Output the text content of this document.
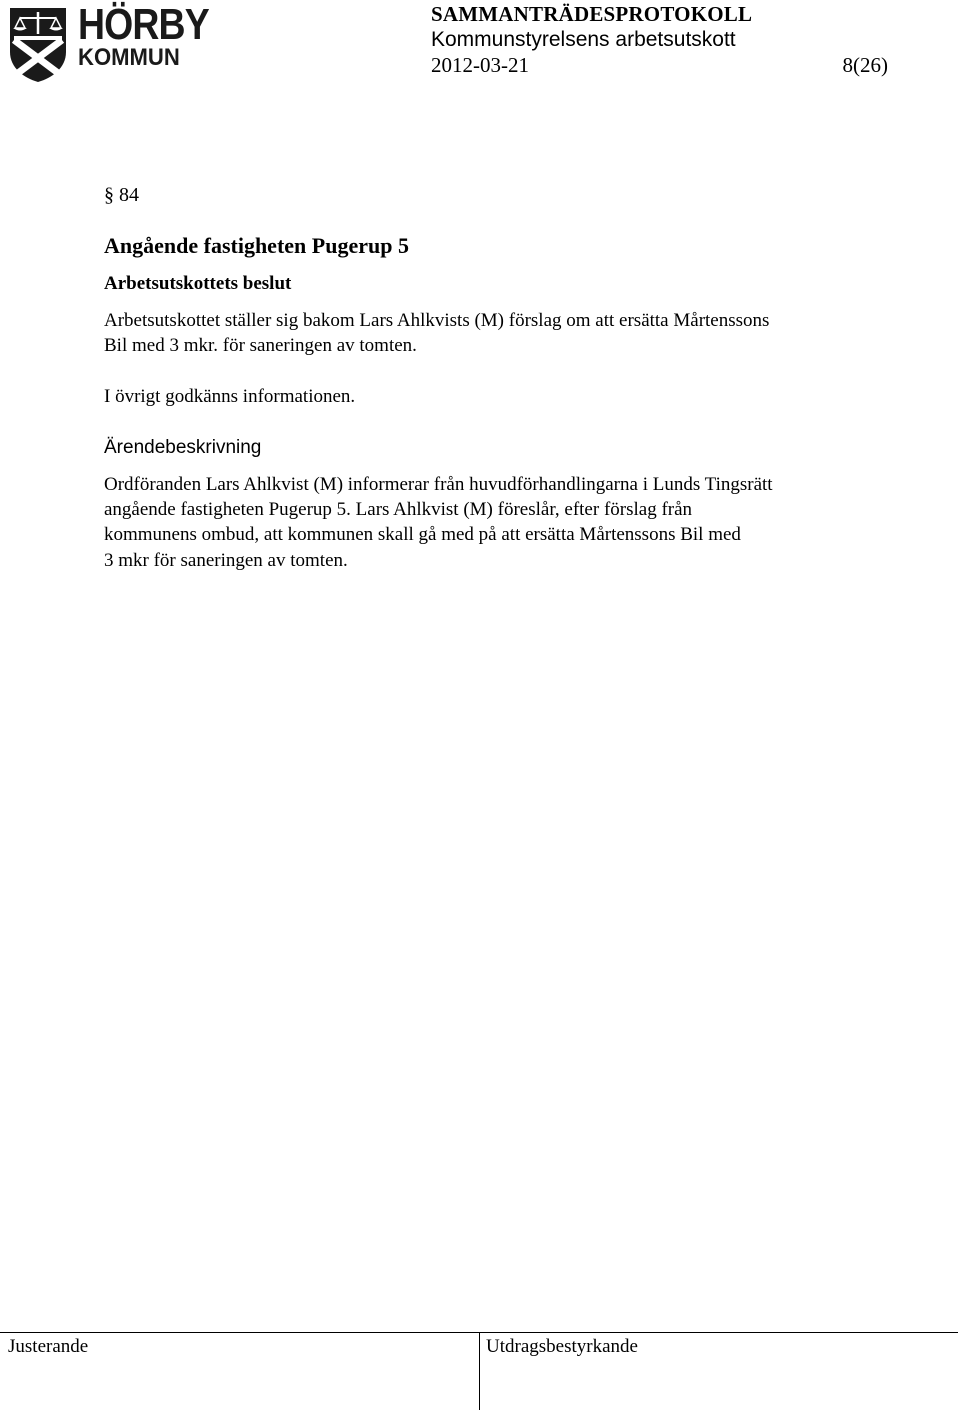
HÖRBY
KOMMUN
SAMMANTRÄDESPROTOKOLL
Kommunstyrelsens arbetsutskott
2012-03-21	8(26)
§ 84
Angående fastigheten Pugerup 5
Arbetsutskottets beslut
Arbetsutskottet ställer sig bakom Lars Ahlkvists (M) förslag om att ersätta Mårtenssons
Bil med 3 mkr. för saneringen av tomten.
I övrigt godkänns informationen.
Ärendebeskrivning
Ordföranden Lars Ahlkvist (M) informerar från huvudförhandlingarna i Lunds Tingsrätt
angående fastigheten Pugerup 5. Lars Ahlkvist (M) föreslår, efter förslag från
kommunens ombud, att kommunen skall gå med på att ersätta Mårtenssons Bil med
3 mkr för saneringen av tomten.
Justerande	Utdragsbestyrkande
